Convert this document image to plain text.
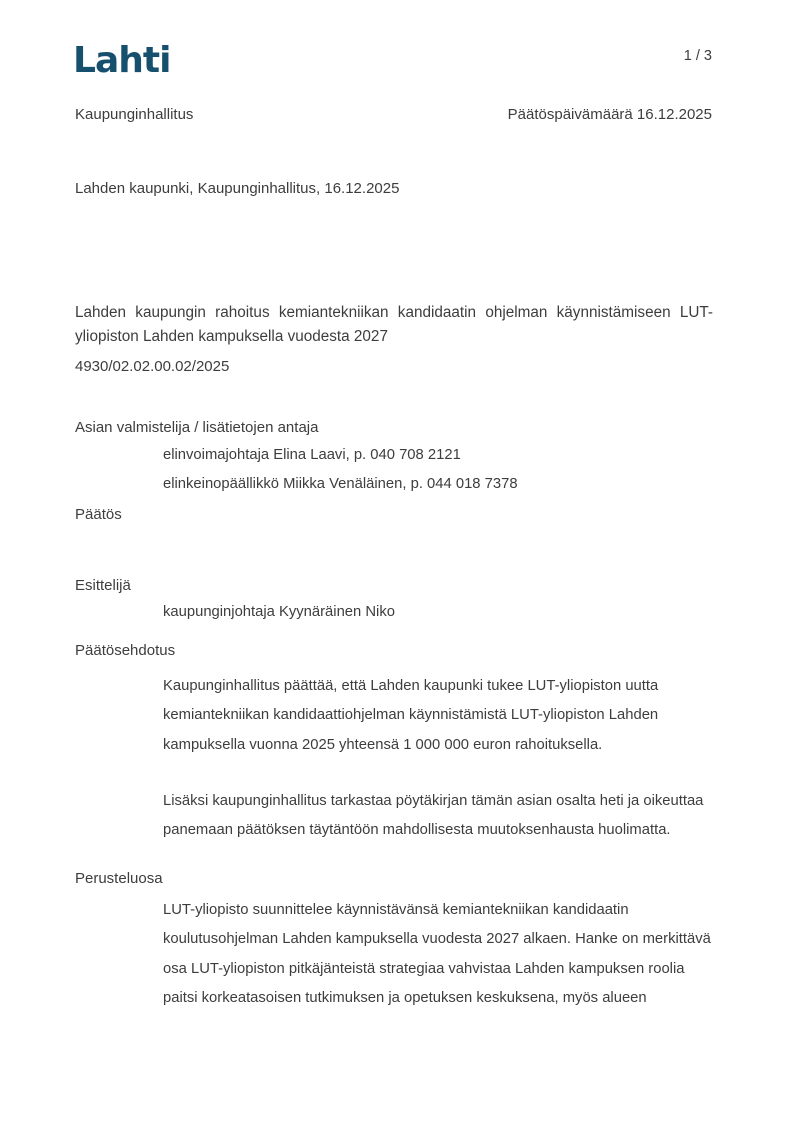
Lahti	1 / 3
Kaupunginhallitus	Päätöspäivämäärä 16.12.2025
Lahden kaupunki, Kaupunginhallitus, 16.12.2025
Lahden kaupungin rahoitus kemiantekniikan kandidaatin ohjelman käynnistämiseen LUT-
yliopiston Lahden kampuksella vuodesta 2027
4930/02.02.00.02/2025
Asian valmistelija / lisätietojen antaja
elinvoimajohtaja Elina Laavi, p. 040 708 2121
elinkeinopäällikkö Miikka Venäläinen, p. 044 018 7378
Päätös
Esittelijä
kaupunginjohtaja Kyynäräinen Niko
Päätösehdotus
Kaupunginhallitus päättää, että Lahden kaupunki tukee LUT-yliopiston uutta
kemiantekniikan kandidaattiohjelman käynnistämistä LUT-yliopiston Lahden
kampuksella vuonna 2025 yhteensä 1 000 000 euron rahoituksella.
Lisäksi kaupunginhallitus tarkastaa pöytäkirjan tämän asian osalta heti ja oikeuttaa
panemaan päätöksen täytäntöön mahdollisesta muutoksenhausta huolimatta.
Perusteluosa
LUT-yliopisto suunnittelee käynnistävänsä kemiantekniikan kandidaatin
koulutusohjelman Lahden kampuksella vuodesta 2027 alkaen. Hanke on merkittävä
osa LUT-yliopiston pitkäjänteistä strategiaa vahvistaa Lahden kampuksen roolia
paitsi korkeatasoisen tutkimuksen ja opetuksen keskuksena, myös alueen
